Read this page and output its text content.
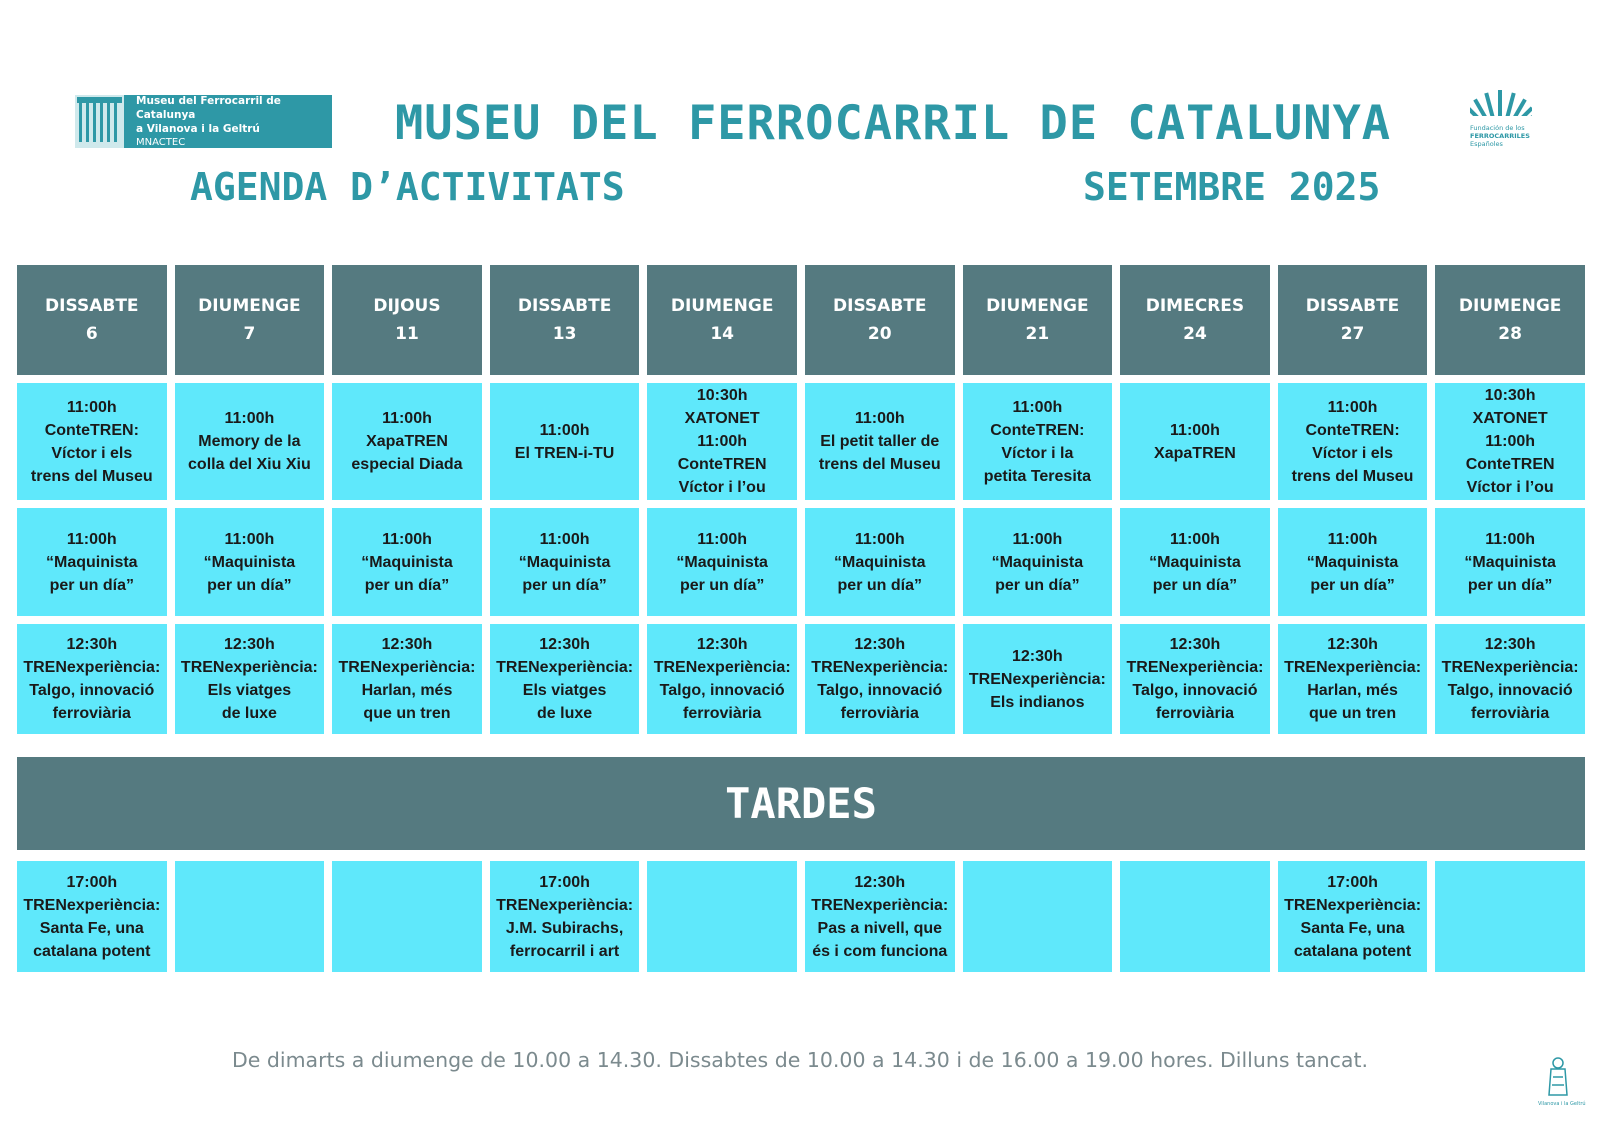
Museu del Ferrocarril de Catalunya
a Vilanova i la Geltrú
MNACTEC	MUSEU DEL FERROCARRIL DE CATALUNYA
AGENDA D’ACTIVITATS	SETEMBRE 2025
Fundación de los
FERROCARRILES
Españoles
DISSABTE
6
DIUMENGE
7
DIJOUS
11
DISSABTE
13
DIUMENGE
14
DISSABTE
20
DIUMENGE
21
DIMECRES
24
DISSABTE
27
DIUMENGE
28
11:00h
ConteTREN:
Víctor i els
trens del Museu
11:00h
Memory de la
colla del Xiu Xiu
11:00h
XapaTREN
especial Diada
11:00h
El TREN-i-TU
10:30h
XATONET
11:00h
ConteTREN
Víctor i l’ou
11:00h
El petit taller de
trens del Museu
11:00h
ConteTREN:
Víctor i la
petita Teresita
11:00h
XapaTREN
11:00h
ConteTREN:
Víctor i els
trens del Museu
10:30h
XATONET
11:00h
ConteTREN
Víctor i l’ou
11:00h
“Maquinista
per un día”
11:00h
“Maquinista
per un día”
11:00h
“Maquinista
per un día”
11:00h
“Maquinista
per un día”
11:00h
“Maquinista
per un día”
11:00h
“Maquinista
per un día”
11:00h
“Maquinista
per un día”
11:00h
“Maquinista
per un día”
11:00h
“Maquinista
per un día”
11:00h
“Maquinista
per un día”
12:30h
TRENexperiència:
Talgo, innovació
ferroviària
12:30h
TRENexperiència:
Els viatges
de luxe
12:30h
TRENexperiència:
Harlan, més
que un tren
12:30h
TRENexperiència:
Els viatges
de luxe
12:30h
TRENexperiència:
Talgo, innovació
ferroviària
12:30h
TRENexperiència:
Talgo, innovació
ferroviària
12:30h
TRENexperiència:
Els indianos
12:30h
TRENexperiència:
Talgo, innovació
ferroviària
12:30h
TRENexperiència:
Harlan, més
que un tren
12:30h
TRENexperiència:
Talgo, innovació
ferroviària
TARDES
17:00h
TRENexperiència:
Santa Fe, una
catalana potent
17:00h
TRENexperiència:
J.M. Subirachs,
ferrocarril i art
12:30h
TRENexperiència:
Pas a nivell, que
és i com funciona
17:00h
TRENexperiència:
Santa Fe, una
catalana potent
De dimarts a diumenge de 10.00 a 14.30. Dissabtes de 10.00 a 14.30 i de 16.00 a 19.00 hores. Dilluns tancat.
Vilanova i la Geltrú
